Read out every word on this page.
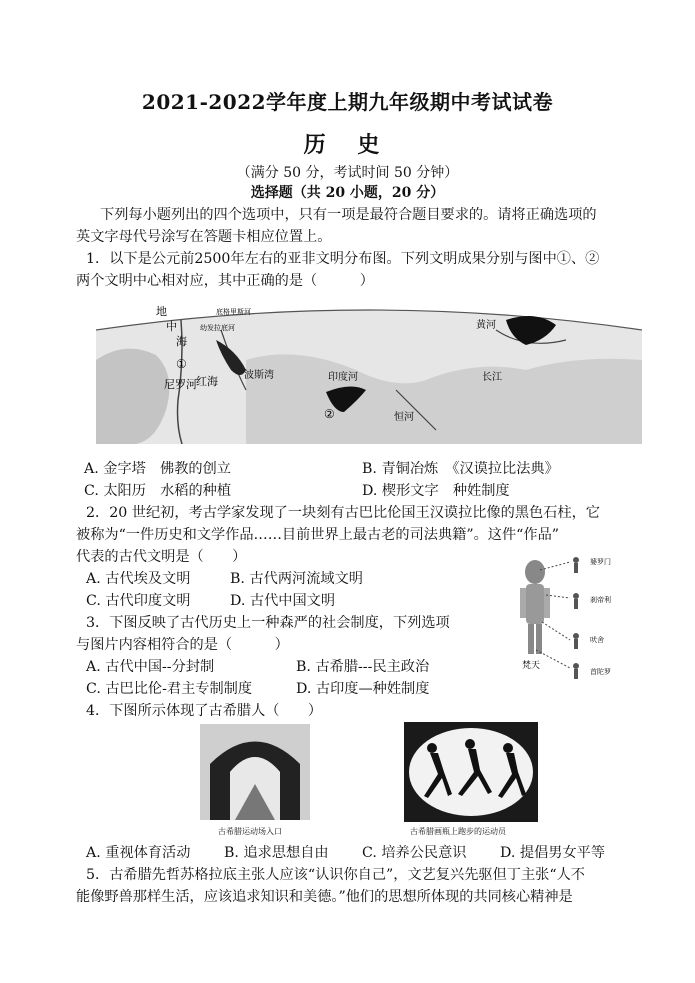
2021-2022学年度上期九年级期中考试试卷
历 史
（满分 50 分，考试时间 50 分钟）
选择题（共 20 小题，20 分）
下列每小题列出的四个选项中，只有一项是最符合题目要求的。请将正确选项的
英文字母代号涂写在答题卡相应位置上。
1．以下是公元前2500年左右的亚非文明分布图。下列文明成果分别与图中①、②
两个文明中心相对应，其中正确的是（　　　）
地
中
海
①
尼罗河 红海
幼发拉底河
底格里斯河
波斯湾	印度河
②	恒河
黄河
长江
A. 金字塔　佛教的创立	B. 青铜冶炼　《汉谟拉比法典》
C. 太阳历　水稻的种植	D. 楔形文字　种姓制度
2．20 世纪初，考古学家发现了一块刻有古巴比伦国王汉谟拉比像的黑色石柱，它
被称为“一件历史和文学作品……目前世界上最古老的司法典籍”。这件“作品”
代表的古代文明是（　　）
A. 古代埃及文明	B. 古代两河流域文明
C. 古代印度文明	D. 古代中国文明
梵天
婆罗门
刹帝利
吠舍
首陀罗
3．下图反映了古代历史上一种森严的社会制度，下列选项
与图片内容相符合的是（　　　）
A. 古代中国--分封制	B. 古希腊---民主政治
C. 古巴比伦-君主专制制度	D. 古印度—种姓制度
4．下图所示体现了古希腊人（　　）
古希腊运动场入口	古希腊画瓶上跑步的运动员
A. 重视体育活动 B. 追求思想自由 C. 培养公民意识 D. 提倡男女平等
5．古希腊先哲苏格拉底主张人应该“认识你自己”，文艺复兴先驱但丁主张“人不
能像野兽那样生活，应该追求知识和美德。”他们的思想所体现的共同核心精神是
